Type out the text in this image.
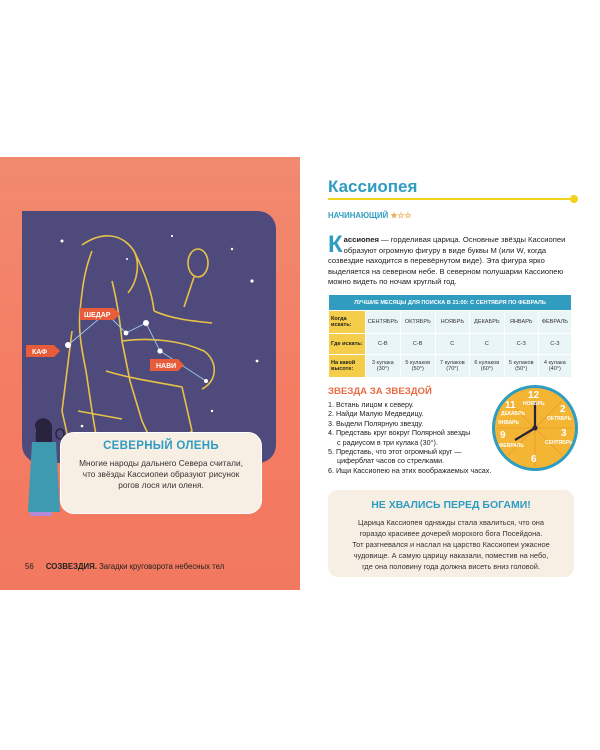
ШЕДАР
КАФ
НАВИ
СЕВЕРНЫЙ ОЛЕНЬ
Многие народы дальнего Севера считали,
что звёзды Кассиопеи образуют рисунок
рогов лося или оленя.
56 СОЗВЕЗДИЯ. Загадки круговорота небесных тел
Кассиопея
НАЧИНАЮЩИЙ ★☆☆
Кассиопея — горделивая царица. Основные звёзды Кассиопеи образуют огромную фигуру в виде буквы М (или W, когда созвездие находится в перевёрнутом виде). Эта фигура ярко выделяется на северном небе. В северном полушарии Кассиопею можно видеть по ночам круглый год.
ЛУЧШИЕ МЕСЯЦЫ ДЛЯ ПОИСКА В 21:00: С СЕНТЯБРЯ ПО ФЕВРАЛЬ						
Когда искать:	СЕНТЯБРЬ	ОКТЯБРЬ	НОЯБРЬ	ДЕКАБРЬ	ЯНВАРЬ	ФЕВРАЛЬ
Где искать:	С-В	С-В	С	С	С-З	С-З
На какой высоте:	3 кулака (30°)	5 кулаков (50°)	7 кулаков (70°)	6 кулаков (60°)	5 кулаков (50°)	4 кулака (40°)
ЗВЕЗДА ЗА ЗВЕЗДОЙ
1. Встань лицом к северу.
2. Найди Малую Медведицу.
3. Выдели Полярную звезду.
4. Представь круг вокруг Полярной звезды
с радиусом в три кулака (30°).
5. Представь, что этот огромный круг —
циферблат часов со стрелками.
6. Ищи Кассиопею на этих воображаемых часах.
12
НОЯБРЬ 2
ОКТЯБРЬ
3
СЕНТЯБРЬ
6
ФЕВРАЛЬ
9
ЯНВАРЬ
11
ДЕКАБРЬ
НЕ ХВАЛИСЬ ПЕРЕД БОГАМИ!
Царица Кассиопея однажды стала хвалиться, что она
гораздо красивее дочерей морского бога Посейдона.
Тот разгневался и наслал на царство Кассиопеи ужасное
чудовище. А самую царицу наказали, поместив на небо,
где она половину года должна висеть вниз головой.
